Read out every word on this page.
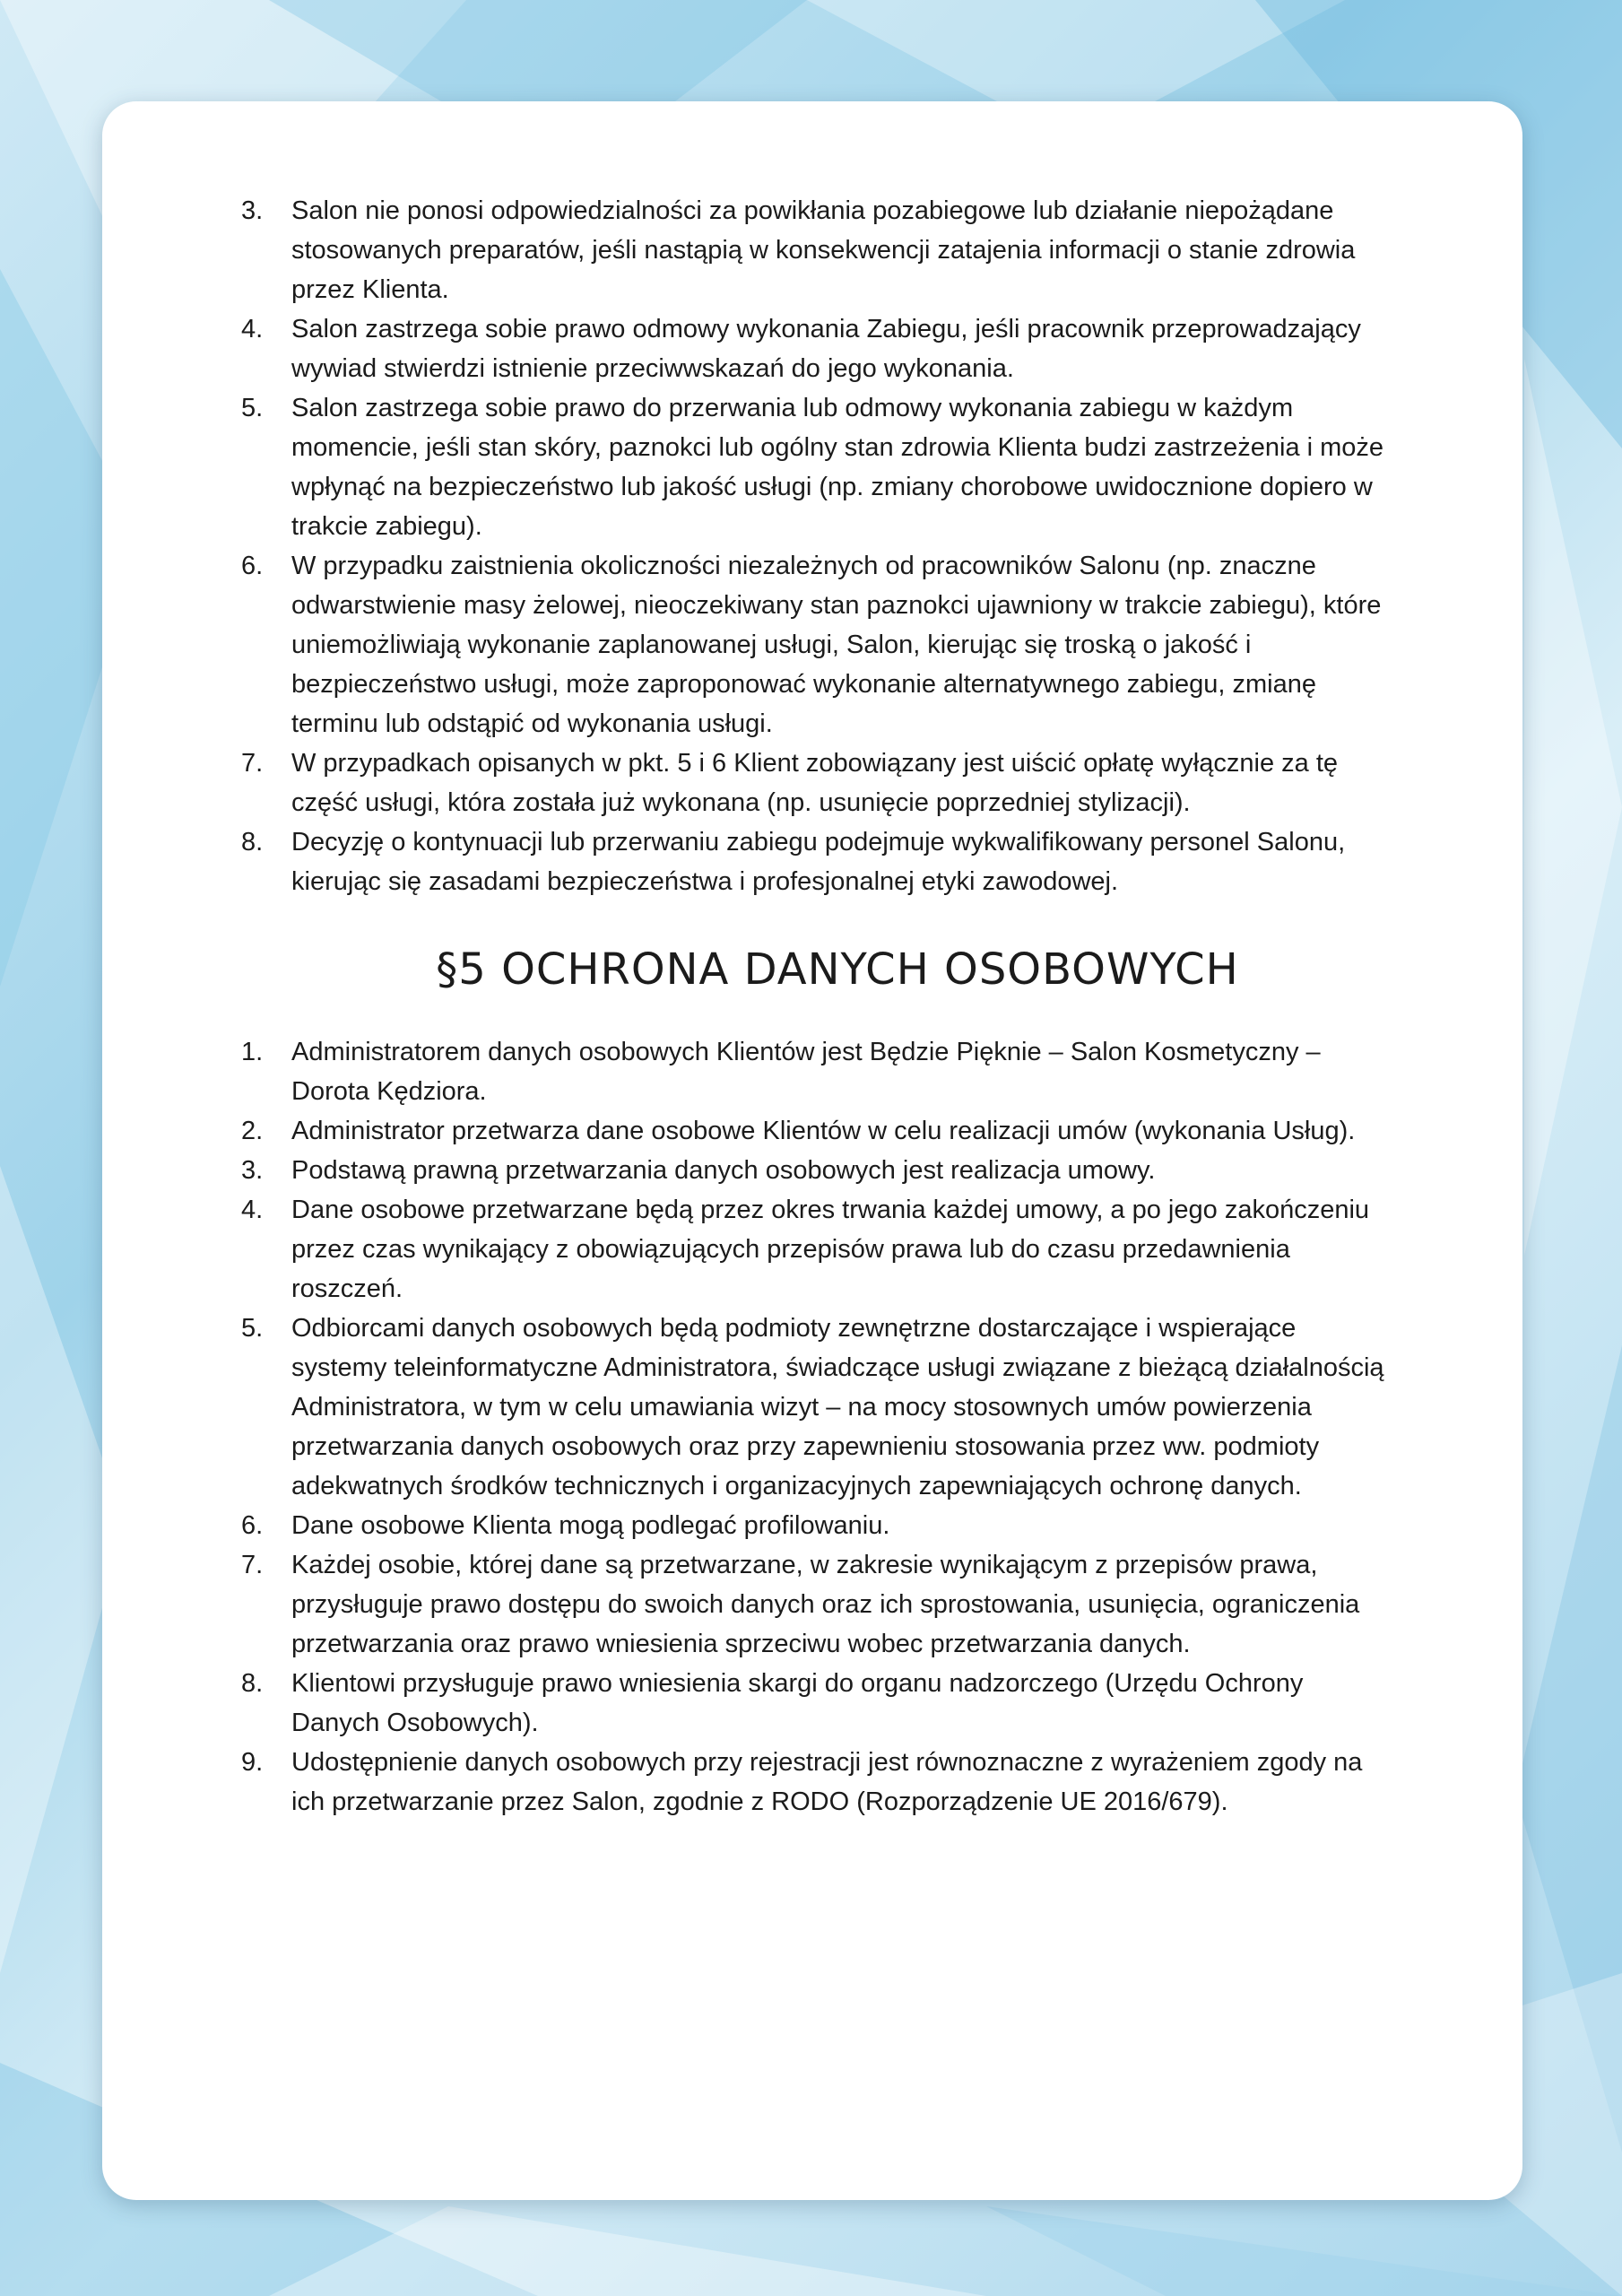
3.	Salon nie ponosi odpowiedzialności za powikłania pozabiegowe lub działanie niepożądane stosowanych preparatów, jeśli nastąpią w konsekwencji zatajenia informacji o stanie zdrowia przez Klienta.
4.	Salon zastrzega sobie prawo odmowy wykonania Zabiegu, jeśli pracownik przeprowadzający wywiad stwierdzi istnienie przeciwwskazań do jego wykonania.
5.	Salon zastrzega sobie prawo do przerwania lub odmowy wykonania zabiegu w każdym momencie, jeśli stan skóry, paznokci lub ogólny stan zdrowia Klienta budzi zastrzeżenia i może wpłynąć na bezpieczeństwo lub jakość usługi (np. zmiany chorobowe uwidocznione dopiero w trakcie zabiegu).
6.	W przypadku zaistnienia okoliczności niezależnych od pracowników Salonu (np. znaczne odwarstwienie masy żelowej, nieoczekiwany stan paznokci ujawniony w trakcie zabiegu), które uniemożliwiają wykonanie zaplanowanej usługi, Salon, kierując się troską o jakość i bezpieczeństwo usługi, może zaproponować wykonanie alternatywnego zabiegu, zmianę terminu lub odstąpić od wykonania usługi.
7.	W przypadkach opisanych w pkt. 5 i 6 Klient zobowiązany jest uiścić opłatę wyłącznie za tę część usługi, która została już wykonana (np. usunięcie poprzedniej stylizacji).
8.	Decyzję o kontynuacji lub przerwaniu zabiegu podejmuje wykwalifikowany personel Salonu, kierując się zasadami bezpieczeństwa i profesjonalnej etyki zawodowej.
§5 OCHRONA DANYCH OSOBOWYCH
1.	Administratorem danych osobowych Klientów jest Będzie Pięknie – Salon Kosmetyczny – Dorota Kędziora.
2.	Administrator przetwarza dane osobowe Klientów w celu realizacji umów (wykonania Usług).
3.	Podstawą prawną przetwarzania danych osobowych jest realizacja umowy.
4.	Dane osobowe przetwarzane będą przez okres trwania każdej umowy, a po jego zakończeniu przez czas wynikający z obowiązujących przepisów prawa lub do czasu przedawnienia roszczeń.
5.	Odbiorcami danych osobowych będą podmioty zewnętrzne dostarczające i wspierające systemy teleinformatyczne Administratora, świadczące usługi związane z bieżącą działalnością Administratora, w tym w celu umawiania wizyt – na mocy stosownych umów powierzenia przetwarzania danych osobowych oraz przy zapewnieniu stosowania przez ww. podmioty adekwatnych środków technicznych i organizacyjnych zapewniających ochronę danych.
6.	Dane osobowe Klienta mogą podlegać profilowaniu.
7.	Każdej osobie, której dane są przetwarzane, w zakresie wynikającym z przepisów prawa, przysługuje prawo dostępu do swoich danych oraz ich sprostowania, usunięcia, ograniczenia przetwarzania oraz prawo wniesienia sprzeciwu wobec przetwarzania danych.
8.	Klientowi przysługuje prawo wniesienia skargi do organu nadzorczego (Urzędu Ochrony Danych Osobowych).
9.	Udostępnienie danych osobowych przy rejestracji jest równoznaczne z wyrażeniem zgody na ich przetwarzanie przez Salon, zgodnie z RODO (Rozporządzenie UE 2016/679).
